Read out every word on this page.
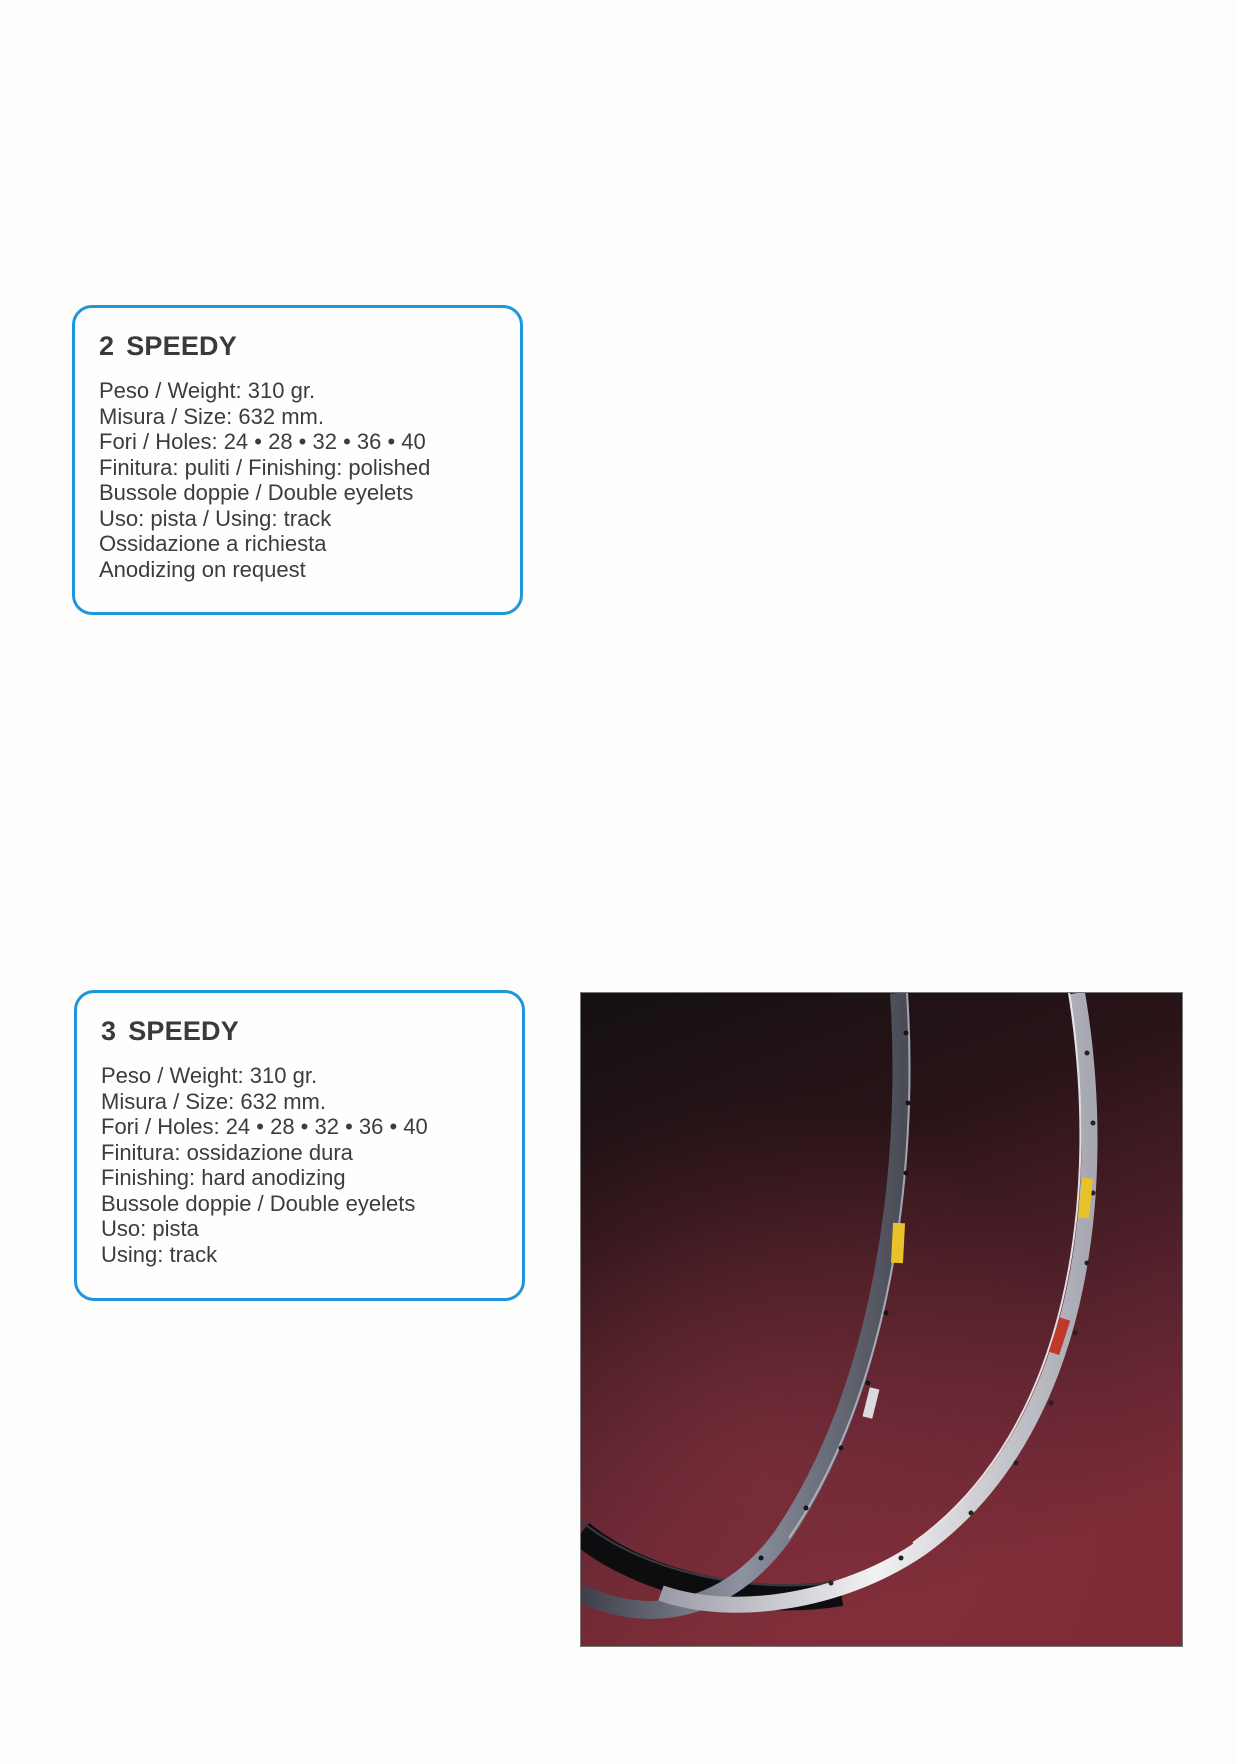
2 SPEEDY
Peso / Weight: 310 gr.
Misura / Size: 632 mm.
Fori / Holes: 24 • 28 • 32 • 36 • 40
Finitura: puliti / Finishing: polished
Bussole doppie / Double eyelets
Uso: pista / Using: track
Ossidazione a richiesta
Anodizing on request
3 SPEEDY
Peso / Weight: 310 gr.
Misura / Size: 632 mm.
Fori / Holes: 24 • 28 • 32 • 36 • 40
Finitura: ossidazione dura
Finishing: hard anodizing
Bussole doppie / Double eyelets
Uso: pista
Using: track
